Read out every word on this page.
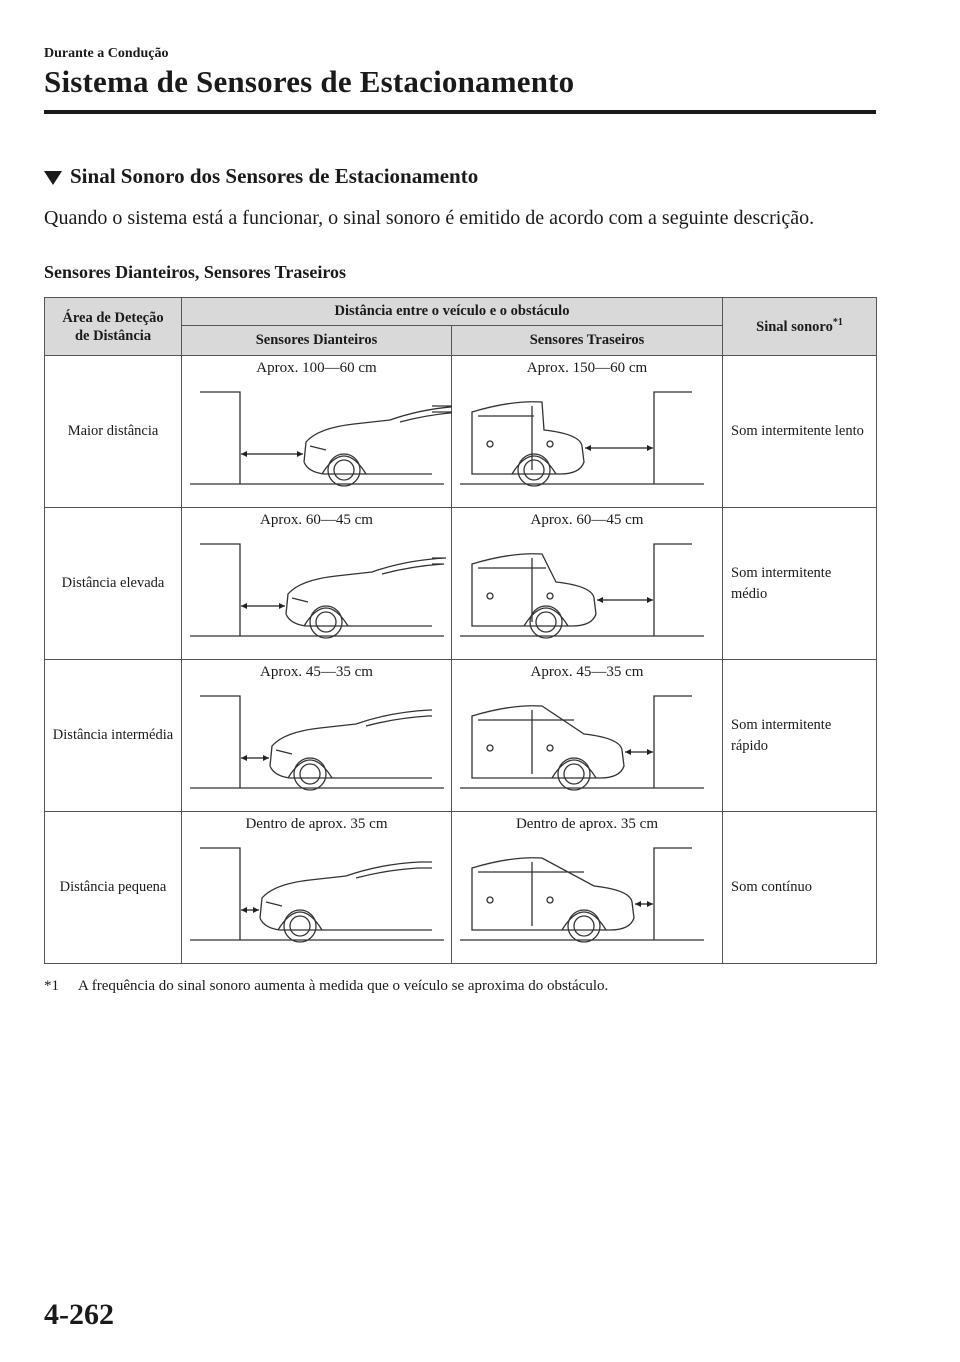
Durante a Condução
Sistema de Sensores de Estacionamento
Sinal Sonoro dos Sensores de Estacionamento
Quando o sistema está a funcionar, o sinal sonoro é emitido de acordo com a seguinte descrição.
Sensores Dianteiros, Sensores Traseiros
Área de Deteção de Distância	Distância entre o veículo e o obstáculo		Sinal sonoro$^{*1}$
	Sensores Dianteiros	Sensores Traseiros	
Maior distância	Aprox. 100―60 cm	Aprox. 150―60 cm	Som intermitente lento
Distância elevada	Aprox. 60―45 cm	Aprox. 60―45 cm	Som intermitente médio
Distância intermédia	Aprox. 45―35 cm	Aprox. 45―35 cm	Som intermitente rápido
Distância pequena	Dentro de aprox. 35 cm	Dentro de aprox. 35 cm	Som contínuo
*1	A frequência do sinal sonoro aumenta à medida que o veículo se aproxima do obstáculo.
4-262
